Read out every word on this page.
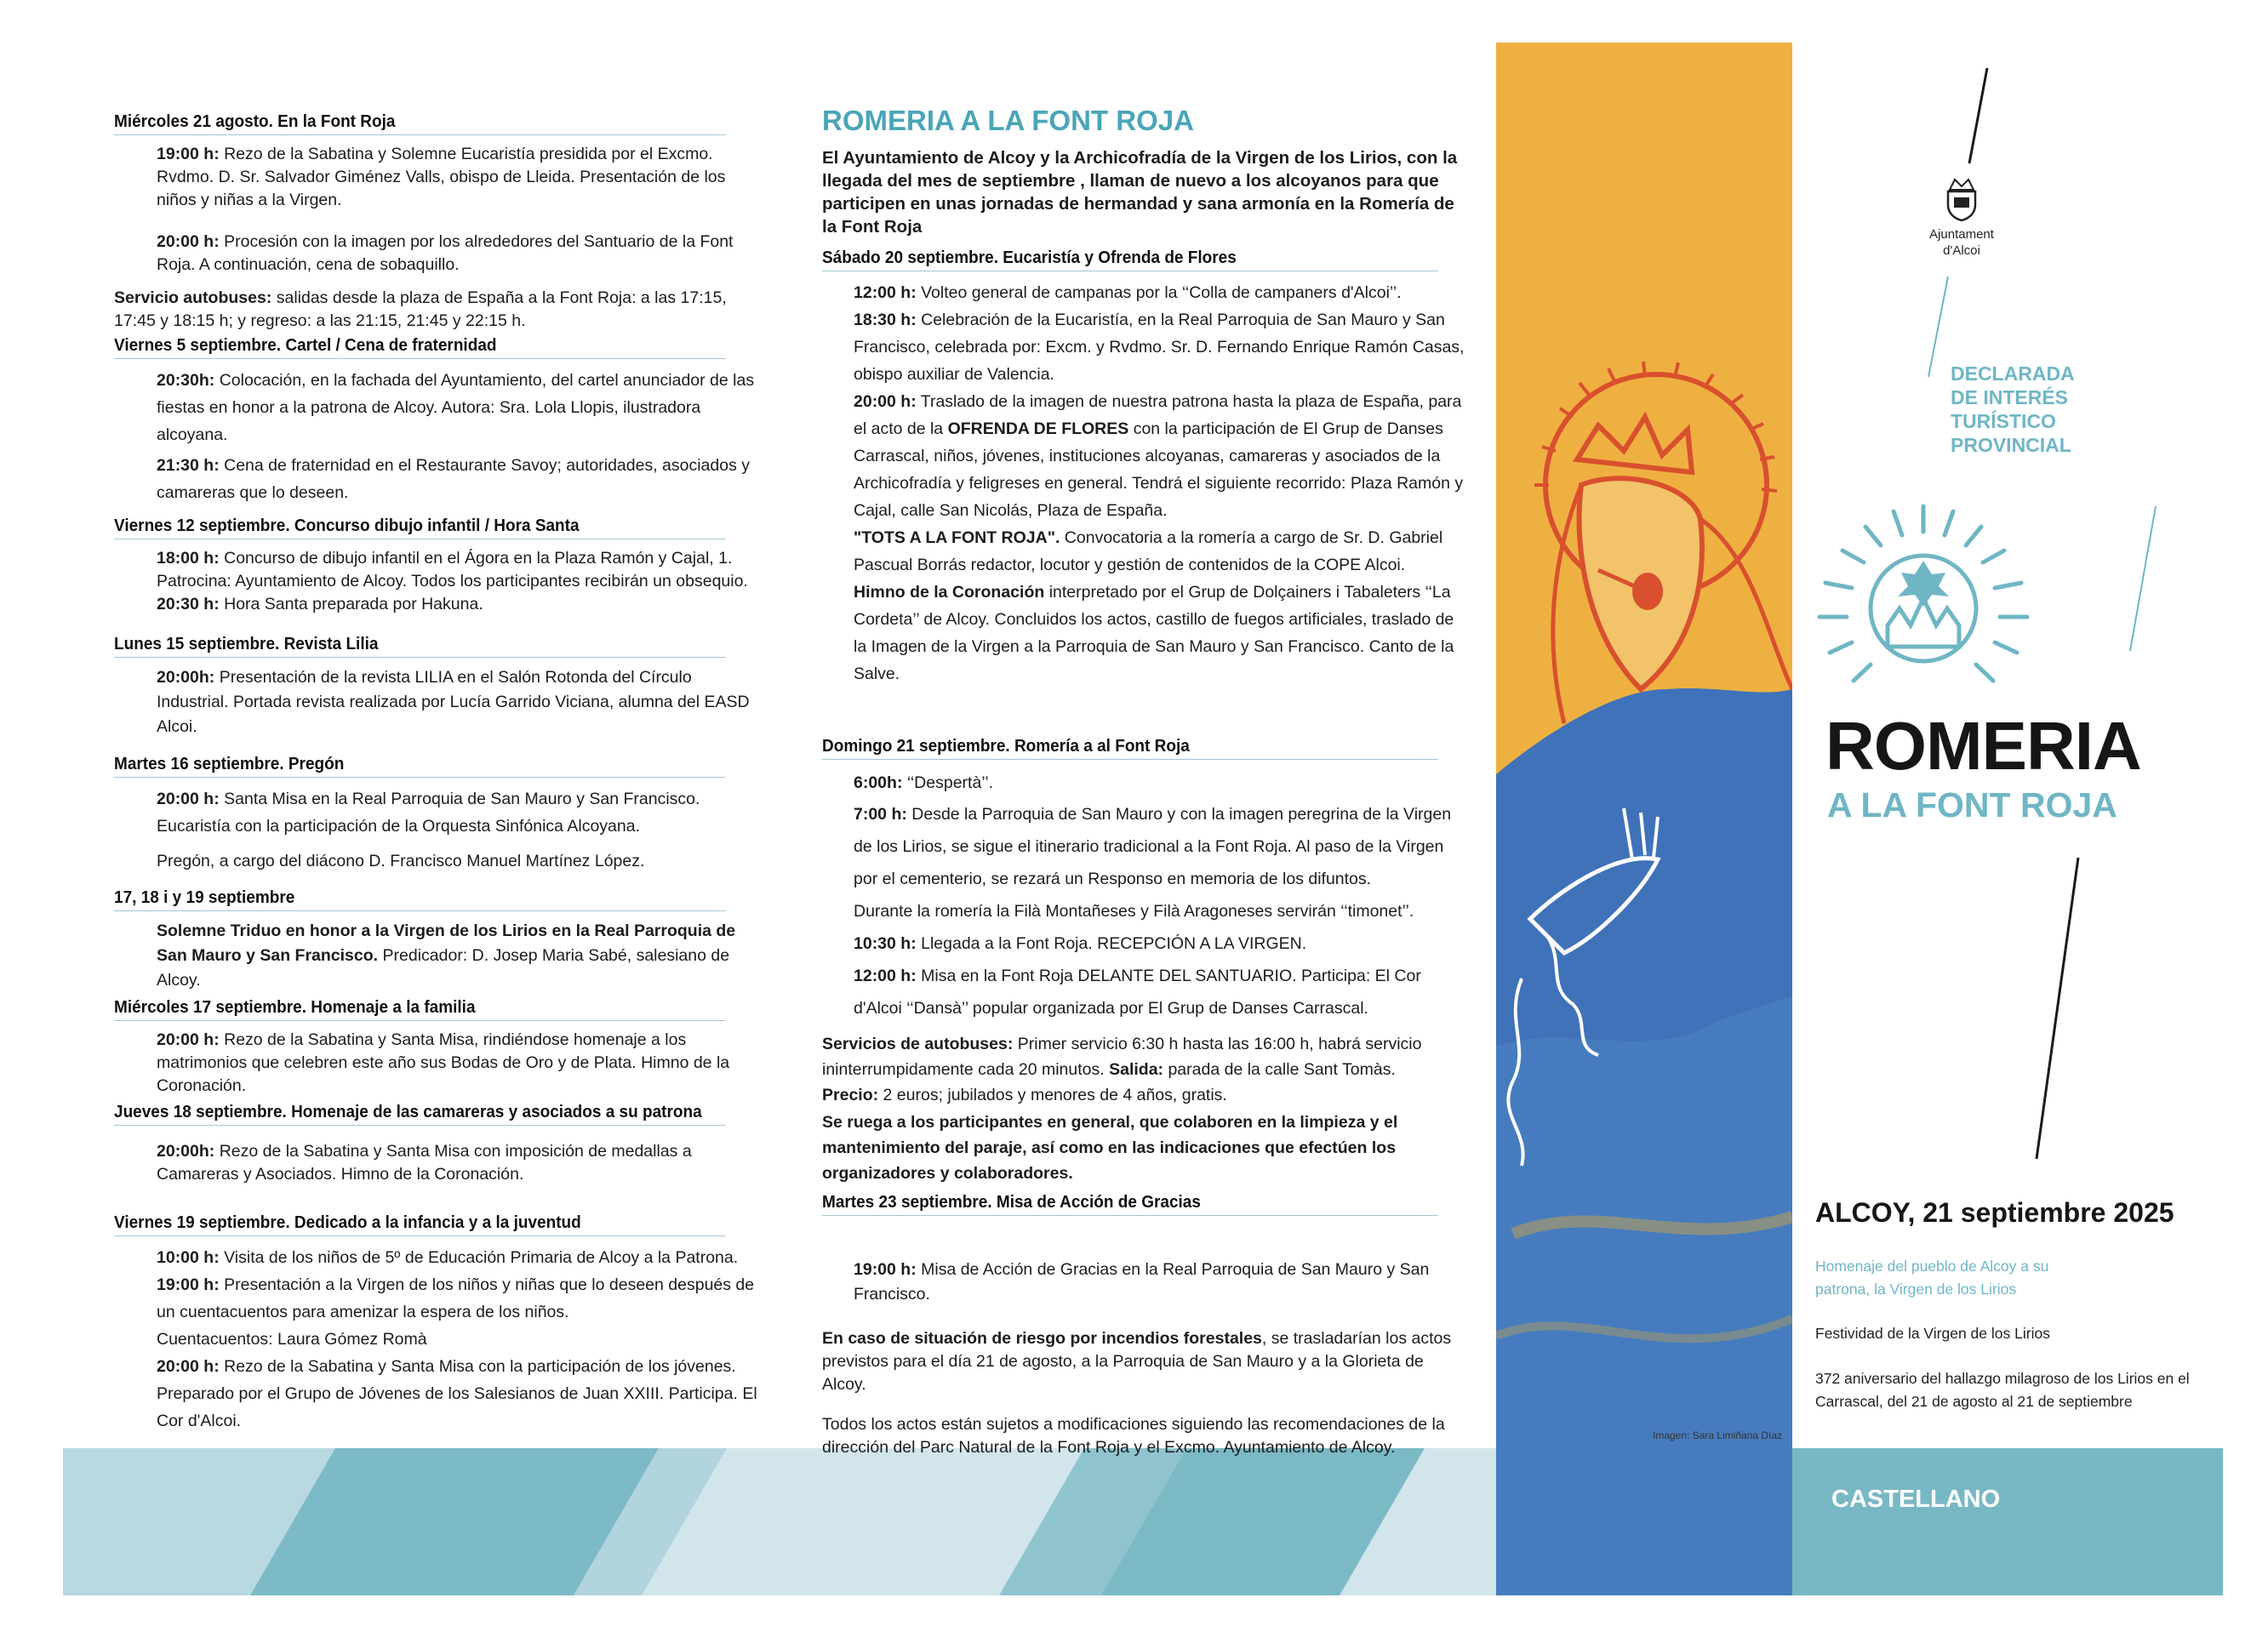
Ajuntament
d'Alcoi
DECLARADA
DE INTERÉS
TURÍSTICO
PROVINCIAL
ROMERIA
A LA FONT ROJA
ALCOY, 21 septiembre 2025
Homenaje del pueblo de Alcoy a su patrona, la Virgen de los Lirios
Festividad de la Virgen de los Lirios
372 aniversario del hallazgo milagroso de los Lirios en el Carrascal, del 21 de agosto al 21 de septiembre
CASTELLANO
Imagen: Sara Limiñana Díaz
Miércoles 21 agosto. En la Font Roja
19:00 h: Rezo de la Sabatina y Solemne Eucaristía presidida por el Excmo. Rvdmo. D. Sr. Salvador Giménez Valls, obispo de Lleida. Presentación de los niños y niñas a la Virgen.
20:00 h: Procesión con la imagen por los alrededores del Santuario de la Font Roja. A continuación, cena de sobaquillo.
Servicio autobuses: salidas desde la plaza de España a la Font Roja: a las 17:15, 17:45 y 18:15 h; y regreso: a las 21:15, 21:45 y 22:15 h.
Viernes 5 septiembre. Cartel / Cena de fraternidad
20:30h: Colocación, en la fachada del Ayuntamiento, del cartel anunciador de las fiestas en honor a la patrona de Alcoy. Autora: Sra. Lola Llopis, ilustradora alcoyana.
21:30 h: Cena de fraternidad en el Restaurante Savoy; autoridades, asociados y camareras que lo deseen.
Viernes 12 septiembre. Concurso dibujo infantil / Hora Santa
18:00 h: Concurso de dibujo infantil en el Ágora en la Plaza Ramón y Cajal, 1. Patrocina: Ayuntamiento de Alcoy. Todos los participantes recibirán un obsequio.
20:30 h: Hora Santa preparada por Hakuna.
Lunes 15 septiembre. Revista Lilia
20:00h: Presentación de la revista LILIA en el Salón Rotonda del Círculo Industrial. Portada revista realizada por Lucía Garrido Viciana, alumna del EASD Alcoi.
Martes 16 septiembre. Pregón
20:00 h: Santa Misa en la Real Parroquia de San Mauro y San Francisco. Eucaristía con la participación de la Orquesta Sinfónica Alcoyana.
Pregón, a cargo del diácono D. Francisco Manuel Martínez López.
17, 18 i y 19 septiembre
Solemne Triduo en honor a la Virgen de los Lirios en la Real Parroquia de San Mauro y San Francisco. Predicador: D. Josep Maria Sabé, salesiano de Alcoy.
Miércoles 17 septiembre. Homenaje a la familia
20:00 h: Rezo de la Sabatina y Santa Misa, rindiéndose homenaje a los matrimonios que celebren este año sus Bodas de Oro y de Plata. Himno de la Coronación.
Jueves 18 septiembre. Homenaje de las camareras y asociados a su patrona
20:00h: Rezo de la Sabatina y Santa Misa con imposición de medallas a Camareras y Asociados. Himno de la Coronación.
Viernes 19 septiembre. Dedicado a la infancia y a la juventud
10:00 h: Visita de los niños de 5º de Educación Primaria de Alcoy a la Patrona.
19:00 h: Presentación a la Virgen de los niños y niñas que lo deseen después de un cuentacuentos para amenizar la espera de los niños.
Cuentacuentos: Laura Gómez Romà
20:00 h: Rezo de la Sabatina y Santa Misa con la participación de los jóvenes. Preparado por el Grupo de Jóvenes de los Salesianos de Juan XXIII. Participa. El Cor d'Alcoi.
ROMERIA A LA FONT ROJA
El Ayuntamiento de Alcoy y la Archicofradía de la Virgen de los Lirios, con la llegada del mes de septiembre , llaman de nuevo a los alcoyanos para que participen en unas jornadas de hermandad y sana armonía en la Romería de la Font Roja
Sábado 20 septiembre. Eucaristía y Ofrenda de Flores
12:00 h: Volteo general de campanas por la ‘‘Colla de campaners d'Alcoi’’.
18:30 h: Celebración de la Eucaristía, en la Real Parroquia de San Mauro y San Francisco, celebrada por: Excm. y Rvdmo. Sr. D. Fernando Enrique Ramón Casas, obispo auxiliar de Valencia.
20:00 h: Traslado de la imagen de nuestra patrona hasta la plaza de España, para el acto de la OFRENDA DE FLORES con la participación de El Grup de Danses Carrascal, niños, jóvenes, instituciones alcoyanas, camareras y asociados de la Archicofradía y feligreses en general. Tendrá el siguiente recorrido: Plaza Ramón y Cajal, calle San Nicolás, Plaza de España.
"TOTS A LA FONT ROJA". Convocatoria a la romería a cargo de Sr. D. Gabriel Pascual Borrás redactor, locutor y gestión de contenidos de la COPE Alcoi.
Himno de la Coronación interpretado por el Grup de Dolçainers i Tabaleters ‘‘La Cordeta’’ de Alcoy. Concluidos los actos, castillo de fuegos artificiales, traslado de la Imagen de la Virgen a la Parroquia de San Mauro y San Francisco. Canto de la Salve.
Domingo 21 septiembre. Romería a al Font Roja
6:00h: ‘‘Despertà’’.
7:00 h: Desde la Parroquia de San Mauro y con la imagen peregrina de la Virgen de los Lirios, se sigue el itinerario tradicional a la Font Roja. Al paso de la Virgen por el cementerio, se rezará un Responso en memoria de los difuntos.
Durante la romería la Filà Montañeses y Filà Aragoneses servirán ‘‘timonet’’.
10:30 h: Llegada a la Font Roja. RECEPCIÓN A LA VIRGEN.
12:00 h: Misa en la Font Roja DELANTE DEL SANTUARIO. Participa: El Cor d'Alcoi ‘‘Dansà’’ popular organizada por El Grup de Danses Carrascal.
Servicios de autobuses: Primer servicio 6:30 h hasta las 16:00 h, habrá servicio ininterrumpidamente cada 20 minutos. Salida: parada de la calle Sant Tomàs.
Precio: 2 euros; jubilados y menores de 4 años, gratis.
Se ruega a los participantes en general, que colaboren en la limpieza y el mantenimiento del paraje, así como en las indicaciones que efectúen los organizadores y colaboradores.
Martes 23 septiembre. Misa de Acción de Gracias
19:00 h: Misa de Acción de Gracias en la Real Parroquia de San Mauro y San Francisco.
En caso de situación de riesgo por incendios forestales, se trasladarían los actos previstos para el día 21 de agosto, a la Parroquia de San Mauro y a la Glorieta de Alcoy.
Todos los actos están sujetos a modificaciones siguiendo las recomendaciones de la dirección del Parc Natural de la Font Roja y el Excmo. Ayuntamiento de Alcoy.
